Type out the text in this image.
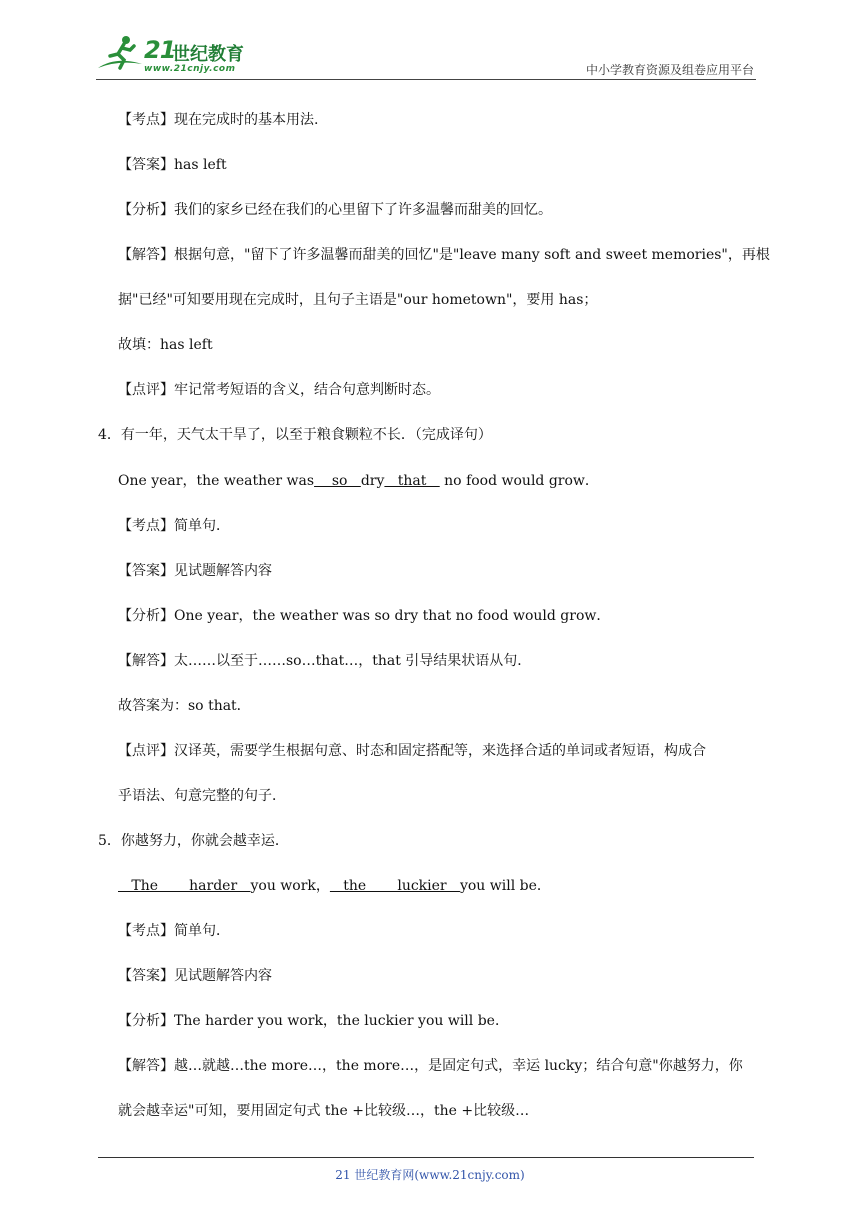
21
世纪教育
www.21cnjy.com	中小学教育资源及组卷应用平台
【考点】现在完成时的基本用法.
【答案】has left
【分析】我们的家乡已经在我们的心里留下了许多温馨而甜美的回忆。
【解答】根据句意，"留下了许多温馨而甜美的回忆"是"leave many soft and sweet memories"，再根
据"已经"可知要用现在完成时，且句子主语是"our hometown"，要用 has；
故填：has left
【点评】牢记常考短语的含义，结合句意判断时态。
4．有一年，天气太干旱了，以至于粮食颗粒不长．（完成译句）
One year，the weather was    so   dry   that    no food would grow．
【考点】简单句．
【答案】见试题解答内容
【分析】One year，the weather was so dry that no food would grow．
【解答】太……以至于……so…that…，that 引导结果状语从句．
故答案为：so that．
【点评】汉译英，需要学生根据句意、时态和固定搭配等，来选择合适的单词或者短语，构成合
乎语法、句意完整的句子．
5．你越努力，你就会越幸运．
The       harder   you work，   the       luckier   you will be．
【考点】简单句．
【答案】见试题解答内容
【分析】The harder you work，the luckier you will be．
【解答】越…就越…the more…，the more…，是固定句式，幸运 lucky；结合句意"你越努力，你
就会越幸运"可知，要用固定句式 the +比较级…，the +比较级…
21 世纪教育网(www.21cnjy.com)
